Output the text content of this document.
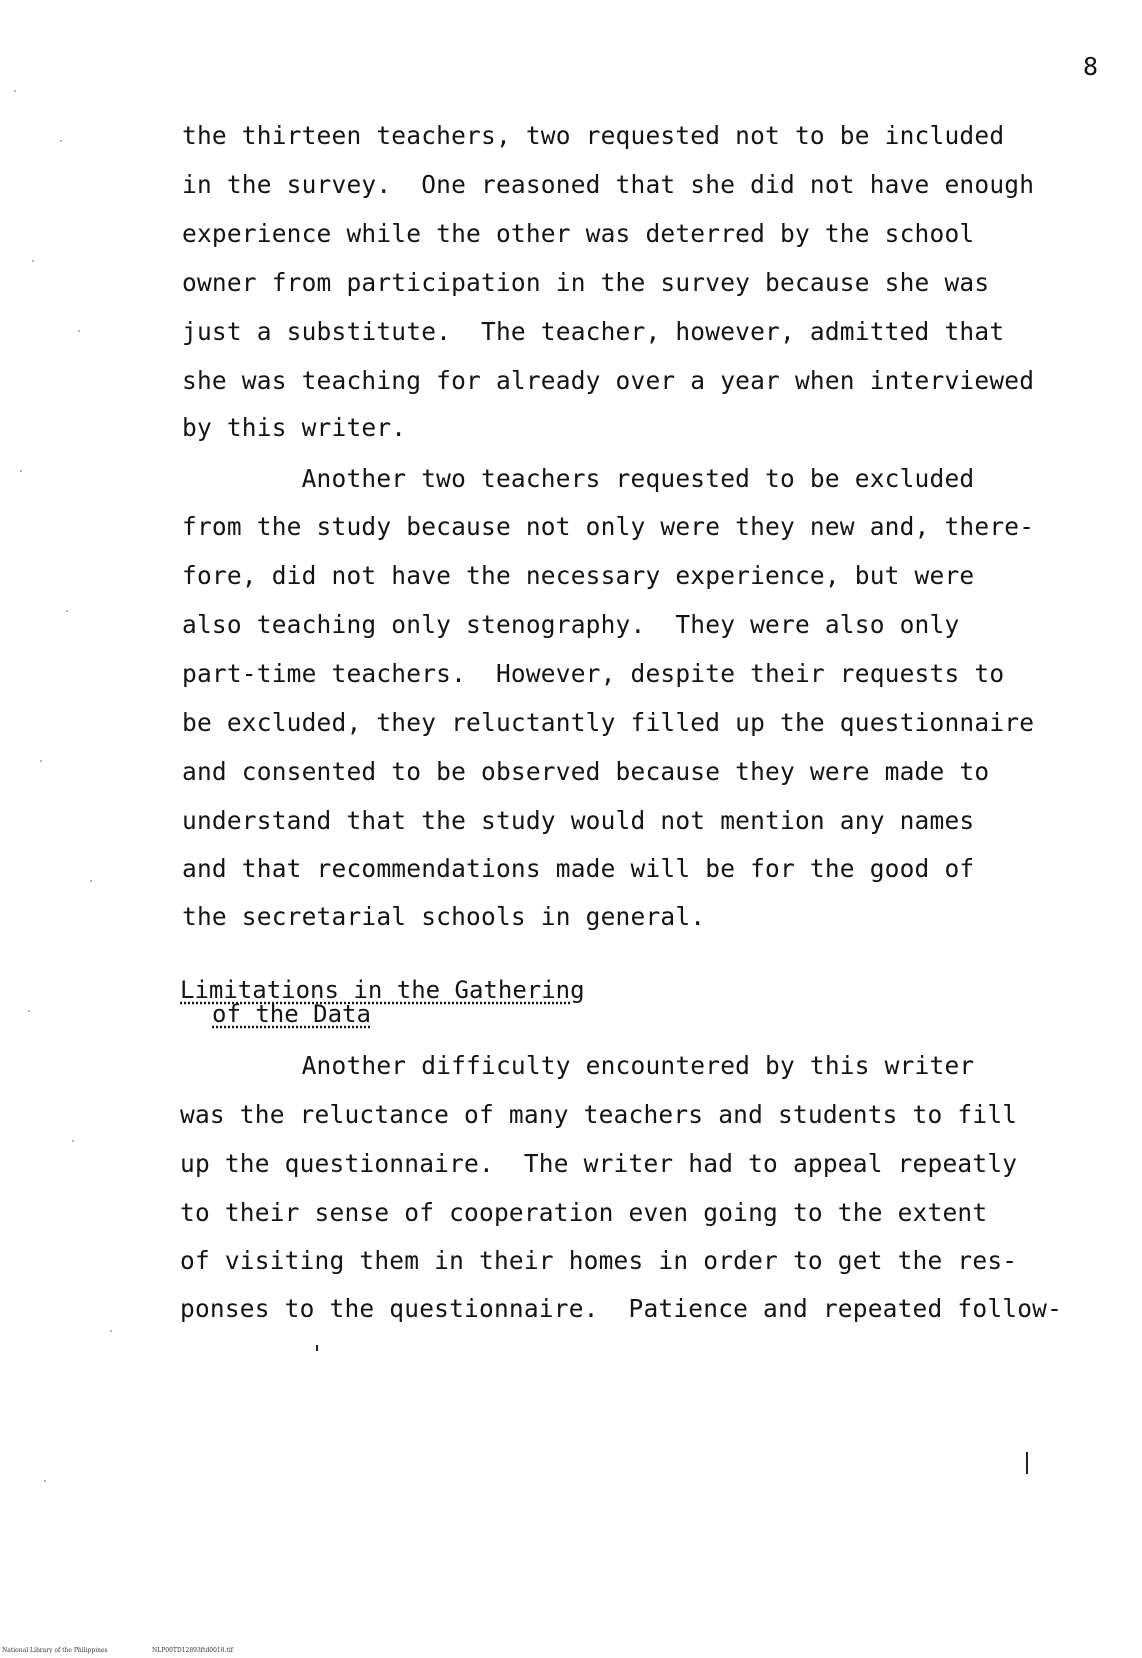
8
the thirteen teachers, two requested not to be included
in the survey.  One reasoned that she did not have enough
experience while the other was deterred by the school
owner from participation in the survey because she was
just a substitute.  The teacher, however, admitted that
she was teaching for already over a year when interviewed
by this writer.
Another two teachers requested to be excluded
from the study because not only were they new and, there-
fore, did not have the necessary experience, but were
also teaching only stenography.  They were also only
part-time teachers.  However, despite their requests to
be excluded, they reluctantly filled up the questionnaire
and consented to be observed because they were made to
understand that the study would not mention any names
and that recommendations made will be for the good of
the secretarial schools in general.
Limitations in the Gathering
of the Data
Another difficulty encountered by this writer
was the reluctance of many teachers and students to fill
up the questionnaire.  The writer had to appeal repeatly
to their sense of cooperation even going to the extent
of visiting them in their homes in order to get the res-
ponses to the questionnaire.  Patience and repeated follow-
National Library of the Philippines	NLP00TD12893ftd0018.tif
